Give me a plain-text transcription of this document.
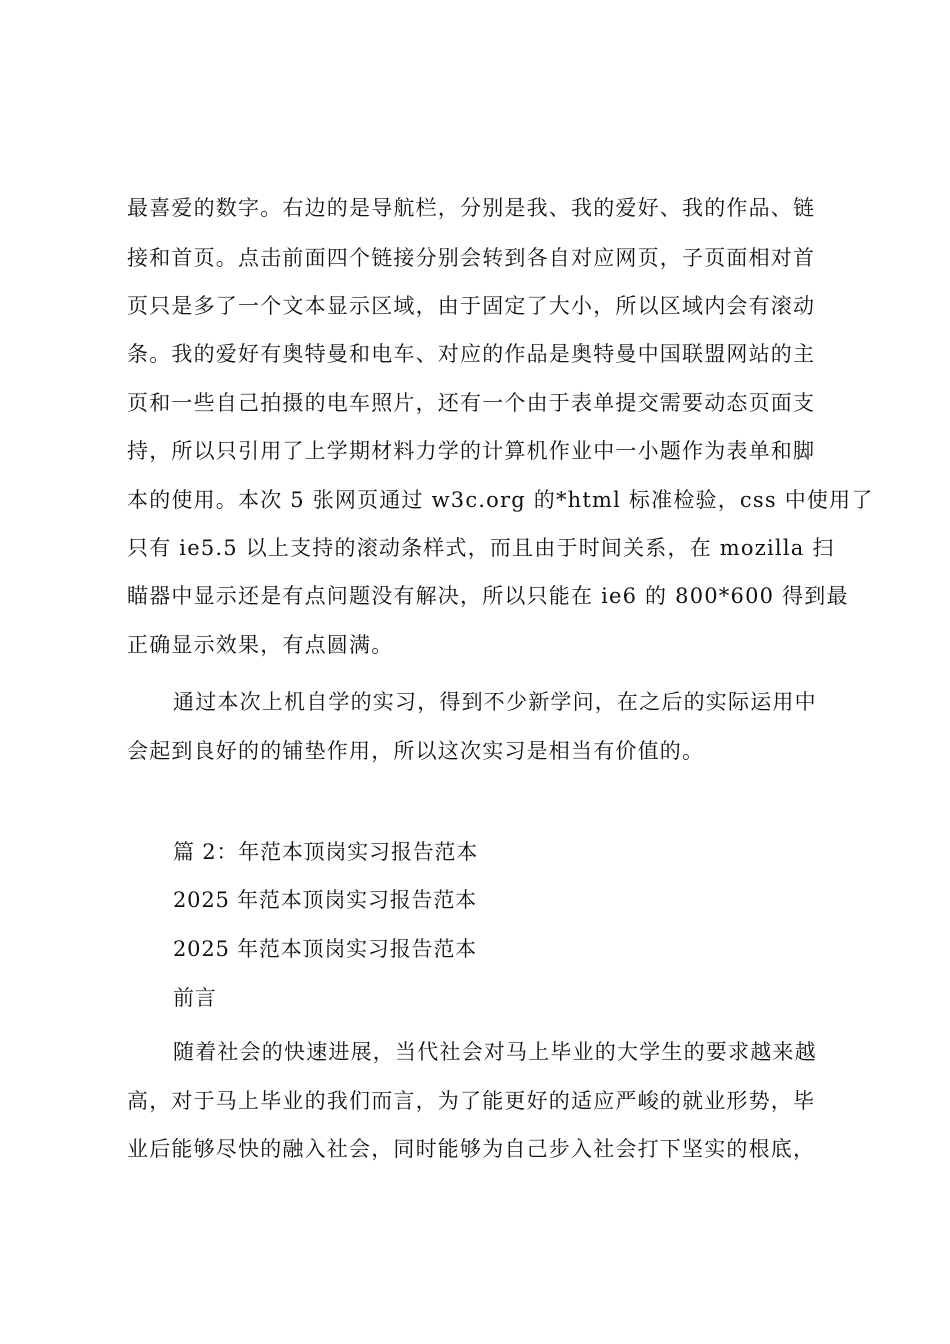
最喜爱的数字。右边的是导航栏，分别是我、我的爱好、我的作品、链
接和首页。点击前面四个链接分别会转到各自对应网页，子页面相对首
页只是多了一个文本显示区域，由于固定了大小，所以区域内会有滚动
条。我的爱好有奥特曼和电车、对应的作品是奥特曼中国联盟网站的主
页和一些自己拍摄的电车照片，还有一个由于表单提交需要动态页面支
持，所以只引用了上学期材料力学的计算机作业中一小题作为表单和脚
本的使用。本次 5 张网页通过 w3c.org 的*html 标准检验，css 中使用了
只有 ie5.5 以上支持的滚动条样式，而且由于时间关系，在 mozilla 扫
瞄器中显示还是有点问题没有解决，所以只能在 ie6 的 800*600 得到最
正确显示效果，有点圆满。
通过本次上机自学的实习，得到不少新学问，在之后的实际运用中
会起到良好的的铺垫作用，所以这次实习是相当有价值的。
篇 2：年范本顶岗实习报告范本
2025 年范本顶岗实习报告范本
2025 年范本顶岗实习报告范本
前言
随着社会的快速进展，当代社会对马上毕业的大学生的要求越来越
高，对于马上毕业的我们而言，为了能更好的适应严峻的就业形势，毕
业后能够尽快的融入社会，同时能够为自己步入社会打下坚实的根底，
